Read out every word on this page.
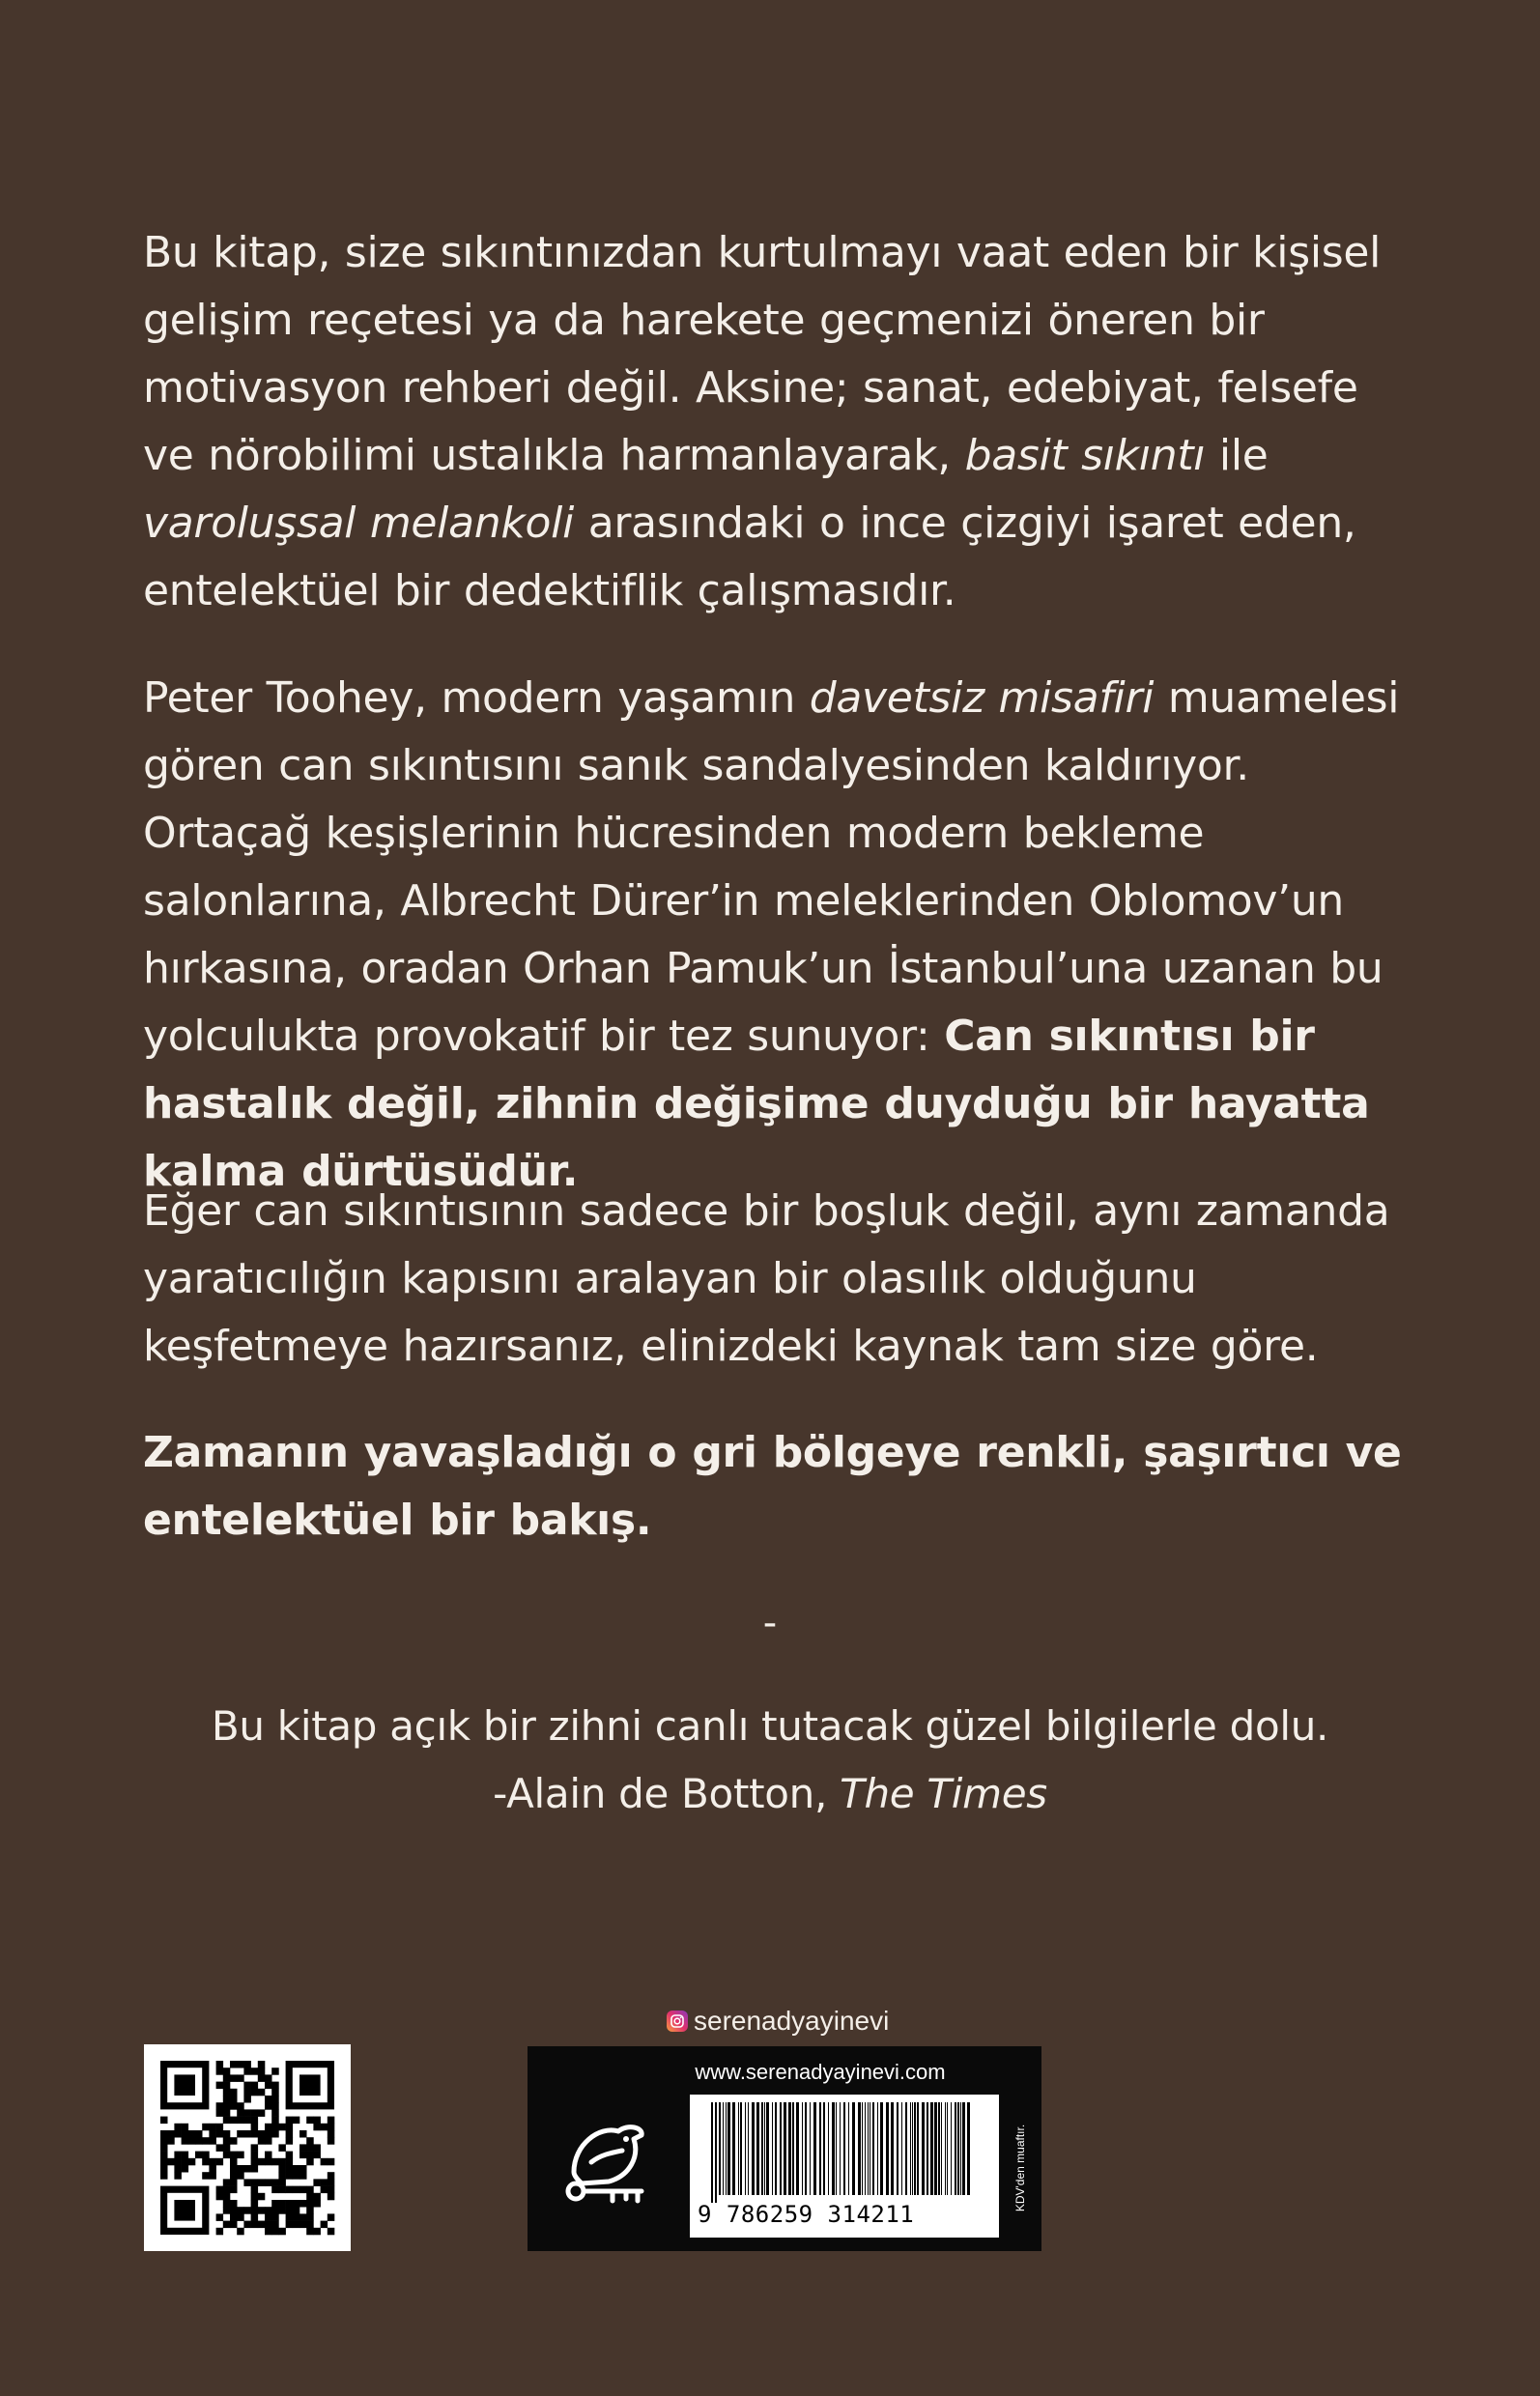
Bu kitap, size sıkıntınızdan kurtulmayı vaat eden bir kişisel gelişim reçetesi ya da harekete geçmenizi öneren bir motivasyon rehberi değil. Aksine; sanat, edebiyat, felsefe ve nörobilimi ustalıkla harmanlayarak, basit sıkıntı ile varoluşsal melankoli arasındaki o ince çizgiyi işaret eden, entelektüel bir dedektiflik çalışmasıdır.

Peter Toohey, modern yaşamın davetsiz misafiri muamelesi gören can sıkıntısını sanık sandalyesinden kaldırıyor. Ortaçağ keşişlerinin hücresinden modern bekleme salonlarına, Albrecht Dürer’in meleklerinden Oblomov’un hırkasına, oradan Orhan Pamuk’un İstanbul’una uzanan bu yolculukta provokatif bir tez sunuyor: Can sıkıntısı bir hastalık değil, zihnin değişime duyduğu bir hayatta kalma dürtüsüdür.

Eğer can sıkıntısının sadece bir boşluk değil, aynı zamanda yaratıcılığın kapısını aralayan bir olasılık olduğunu keşfetmeye hazırsanız, elinizdeki kaynak tam size göre.

Zamanın yavaşladığı o gri bölgeye renkli, şaşırtıcı ve entelektüel bir bakış.

-
Bu kitap açık bir zihni canlı tutacak güzel bilgilerle dolu.
-Alain de Botton, The Times
serenadyayinevi
www.serenadyayinevi.com
9 786259 314211
KDV'den muaftır.
